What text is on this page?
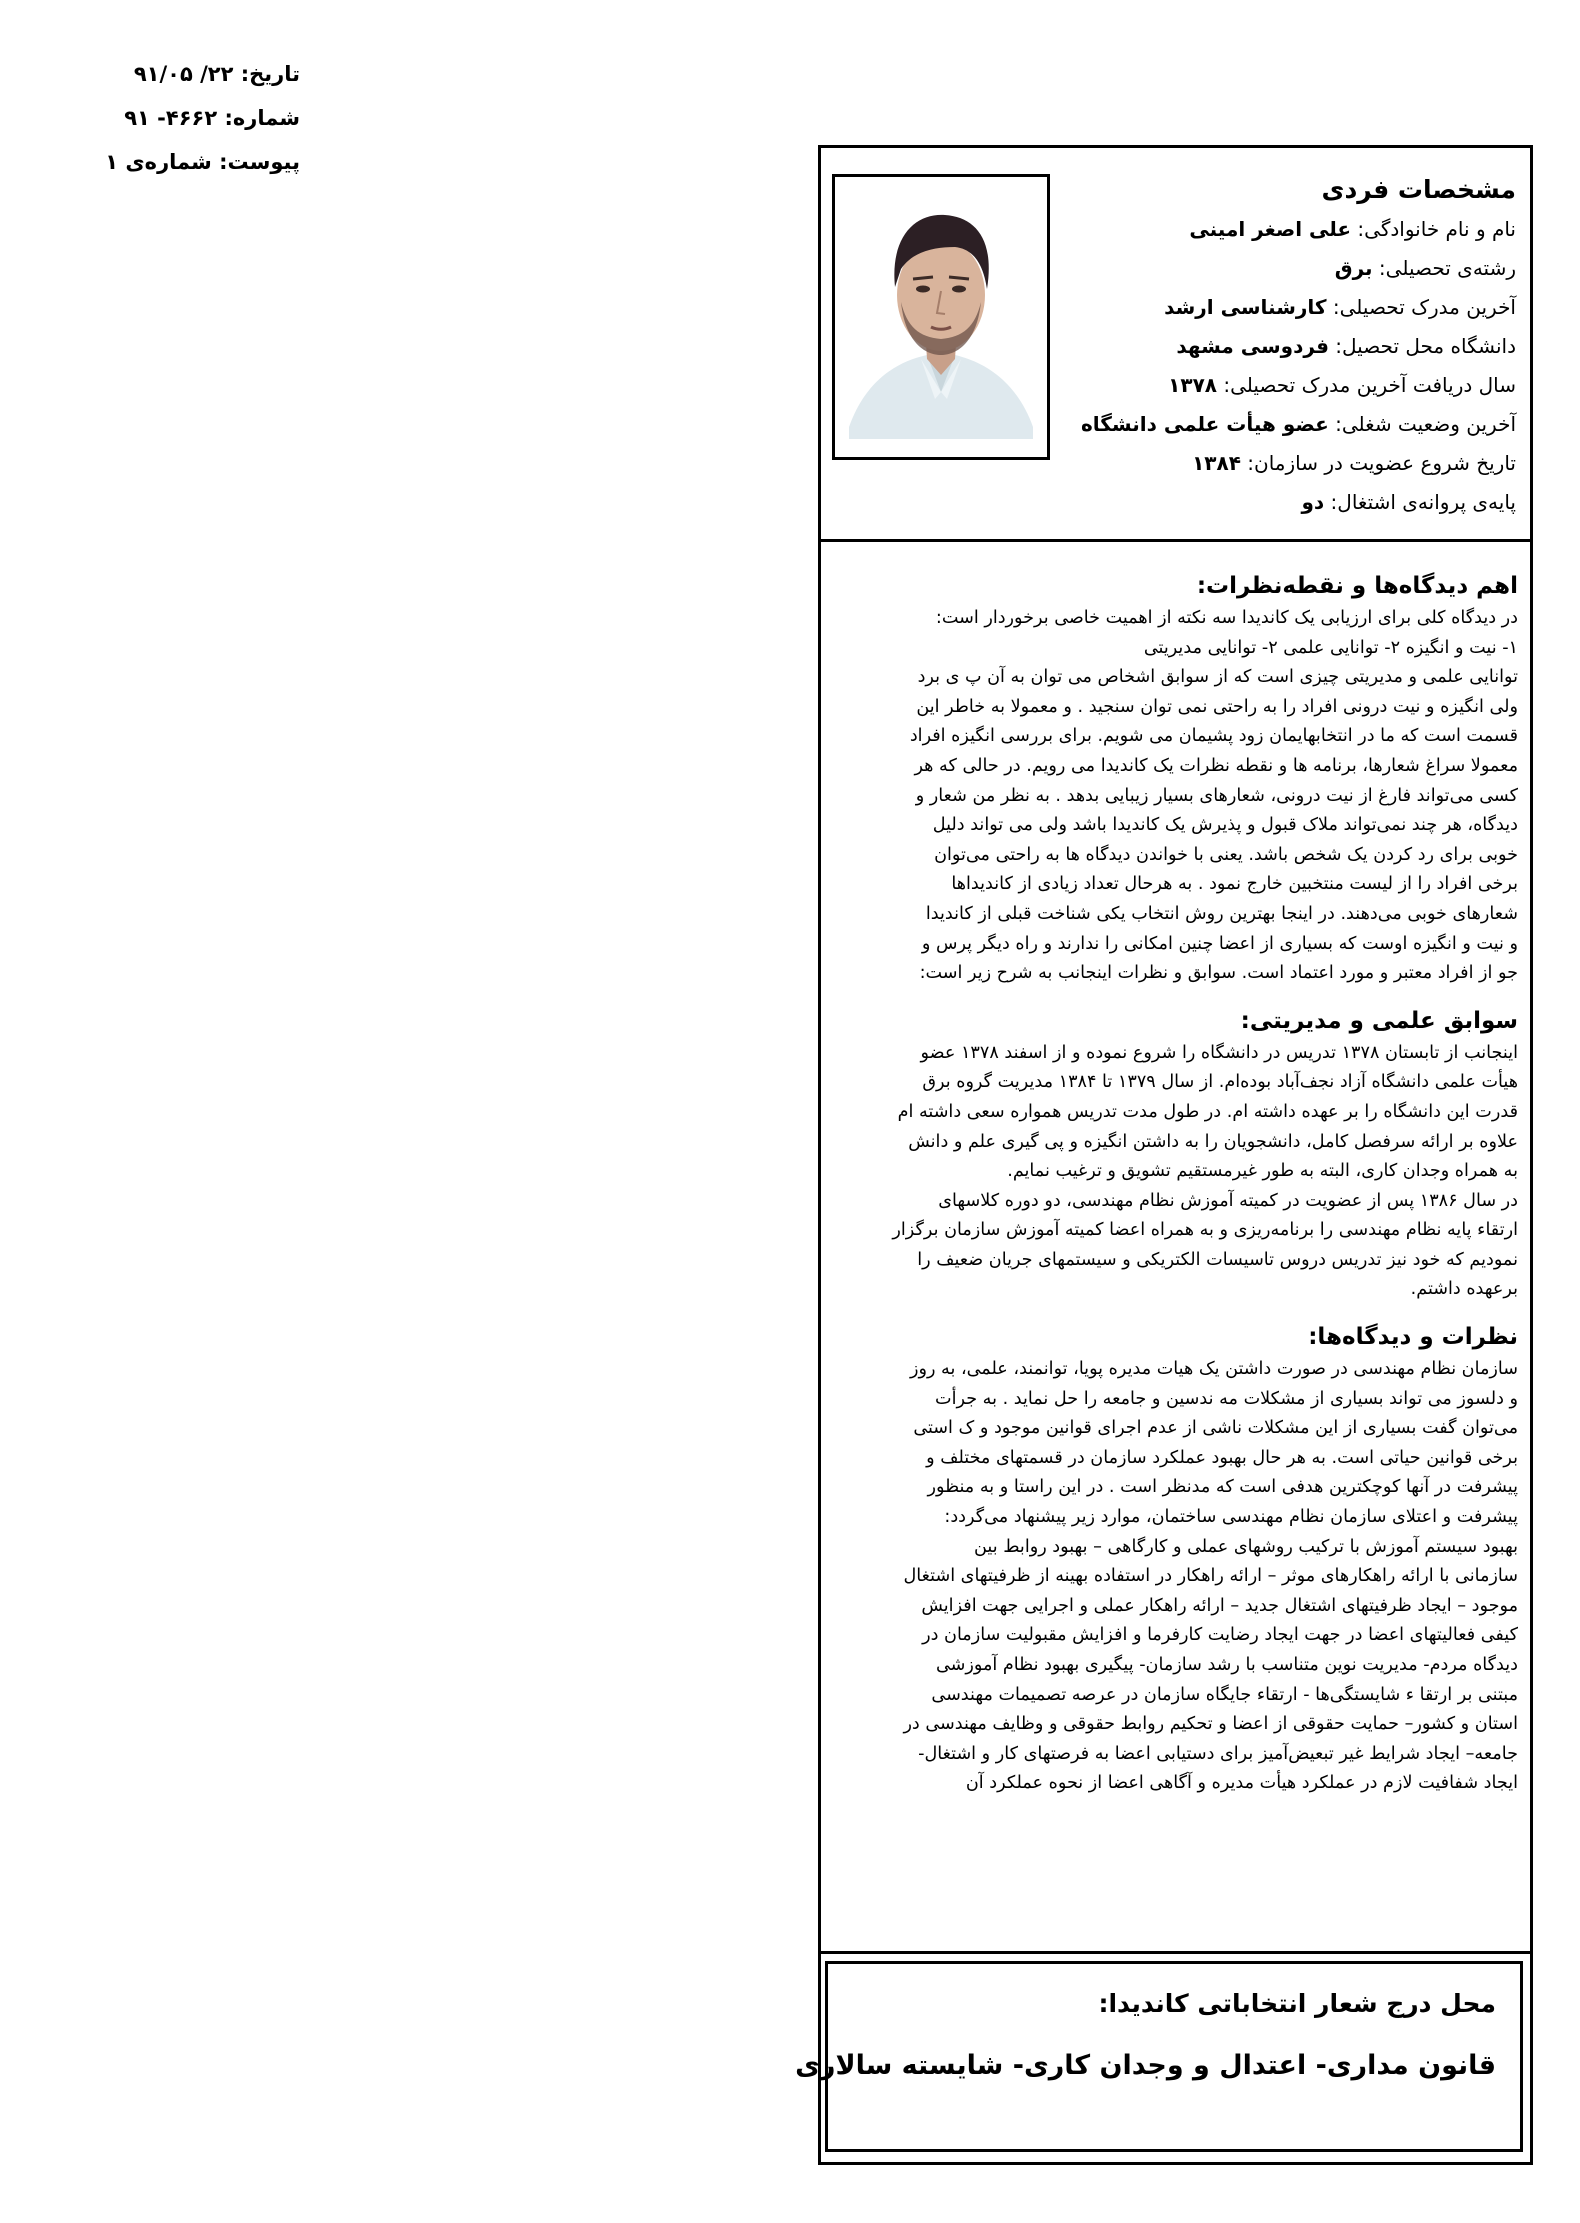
تاریخ: ۲۲/ ۹۱/۰۵
شماره: ۴۶۶۲- ۹۱
پیوست: شماره‌ی ۱
مشخصات فردی
نام و نام خانوادگی: علی اصغر امینی
رشته‌ی تحصیلی: برق
آخرین مدرک تحصیلی: کارشناسی ارشد
دانشگاه محل تحصیل: فردوسی مشهد
سال دریافت آخرین مدرک تحصیلی: ۱۳۷۸
آخرین وضعیت شغلی: عضو هیأت علمی دانشگاه
تاریخ شروع عضویت در سازمان: ۱۳۸۴
پایه‌ی پروانه‌ی اشتغال: دو
اهم دیدگاه‌ها و نقطه‌نظرات:
در دیدگاه کلی برای ارزیابی یک کاندیدا سه نکته از اهمیت خاصی برخوردار است:
۱- نیت و انگیزه ۲- توانایی علمی ۲- توانایی مدیریتی
توانایی علمی و مدیریتی چیزی است که از سوابق اشخاص می توان به آن پ ی برد
ولی انگیزه و نیت درونی افراد را به راحتی نمی توان سنجید . و معمولا به خاطر این
قسمت است که ما در انتخابهایمان زود پشیمان می شویم. برای بررسی انگیزه افراد
معمولا سراغ شعارها، برنامه ها و نقطه نظرات یک کاندیدا می رویم. در حالی که هر
کسی می‌تواند فارغ از نیت درونی، شعارهای بسیار زیبایی بدهد . به نظر من شعار و
دیدگاه، هر چند نمی‌تواند ملاک قبول و پذیرش یک کاندیدا باشد ولی می تواند دلیل
خوبی برای رد کردن یک شخص باشد. یعنی با خواندن دیدگاه ها به راحتی می‌توان
برخی افراد را از لیست منتخبین خارج نمود . به هرحال تعداد زیادی از کاندیداها
شعارهای خوبی می‌دهند. در اینجا بهترین روش انتخاب یکی شناخت قبلی از کاندیدا
و نیت و انگیزه اوست که بسیاری از اعضا چنین امکانی را ندارند و راه دیگر پرس و
جو از افراد معتبر و مورد اعتماد است. سوابق و نظرات اینجانب به شرح زیر است:
سوابق علمی و مدیریتی:
اینجانب از تابستان ۱۳۷۸ تدریس در دانشگاه را شروع نموده و از اسفند ۱۳۷۸ عضو
هیأت علمی دانشگاه آزاد نجف‌آباد بوده‌ام. از سال ۱۳۷۹ تا ۱۳۸۴ مدیریت گروه برق
قدرت این دانشگاه را بر عهده داشته ام. در طول مدت تدریس همواره سعی داشته ام
علاوه بر ارائه سرفصل کامل، دانشجویان را به داشتن انگیزه و پی گیری علم و دانش
به همراه وجدان کاری، البته به طور غیرمستقیم تشویق و ترغیب نمایم.
در سال ۱۳۸۶ پس از عضویت در کمیته آموزش نظام مهندسی، دو دوره کلاسهای
ارتقاء پایه نظام مهندسی را برنامه‌ریزی و به همراه اعضا کمیته آموزش سازمان برگزار
نمودیم که خود نیز تدریس دروس تاسیسات الکتریکی و سیستمهای جریان ضعیف را
برعهده داشتم.
نظرات و دیدگاه‌ها:
سازمان نظام مهندسی در صورت داشتن یک هیات مدیره پویا، توانمند، علمی، به روز
و دلسوز می تواند بسیاری از مشکلات مه ندسین و جامعه را حل نماید . به جرأت
می‌توان گفت بسیاری از این مشکلات ناشی از عدم اجرای قوانین موجود و ک استی
برخی قوانین حیاتی است. به هر حال بهبود عملکرد سازمان در قسمتهای مختلف و
پیشرفت در آنها کوچکترین هدفی است که مدنظر است . در این راستا و به منظور
پیشرفت و اعتلای سازمان نظام مهندسی ساختمان، موارد زیر پیشنهاد می‌گردد:
بهبود سیستم آموزش با ترکیب روشهای عملی و کارگاهی – بهبود روابط بین
سازمانی با ارائه راهکارهای موثر – ارائه راهکار در استفاده بهینه از ظرفیتهای اشتغال
موجود – ایجاد ظرفیتهای اشتغال جدید – ارائه راهکار عملی و اجرایی جهت افزایش
کیفی فعالیتهای اعضا در جهت ایجاد رضایت کارفرما و افزایش مقبولیت سازمان در
دیدگاه مردم- مدیریت نوین متناسب با رشد سازمان- پیگیری بهبود نظام آموزشی
مبتنی بر ارتقا ء شایستگی‌ها - ارتقاء جایگاه سازمان در عرصه تصمیمات مهندسی
استان و کشور– حمایت حقوقی از اعضا و تحکیم روابط حقوقی و وظایف مهندسی در
جامعه– ایجاد شرایط غیر تبعیض‌آمیز برای دستیابی اعضا به فرصتهای کار و اشتغال-
ایجاد شفافیت لازم در عملکرد هیأت مدیره و آگاهی اعضا از نحوه عملکرد آن
محل درج شعار انتخاباتی کاندیدا:
قانون مداری- اعتدال و وجدان کاری- شایسته سالاری
